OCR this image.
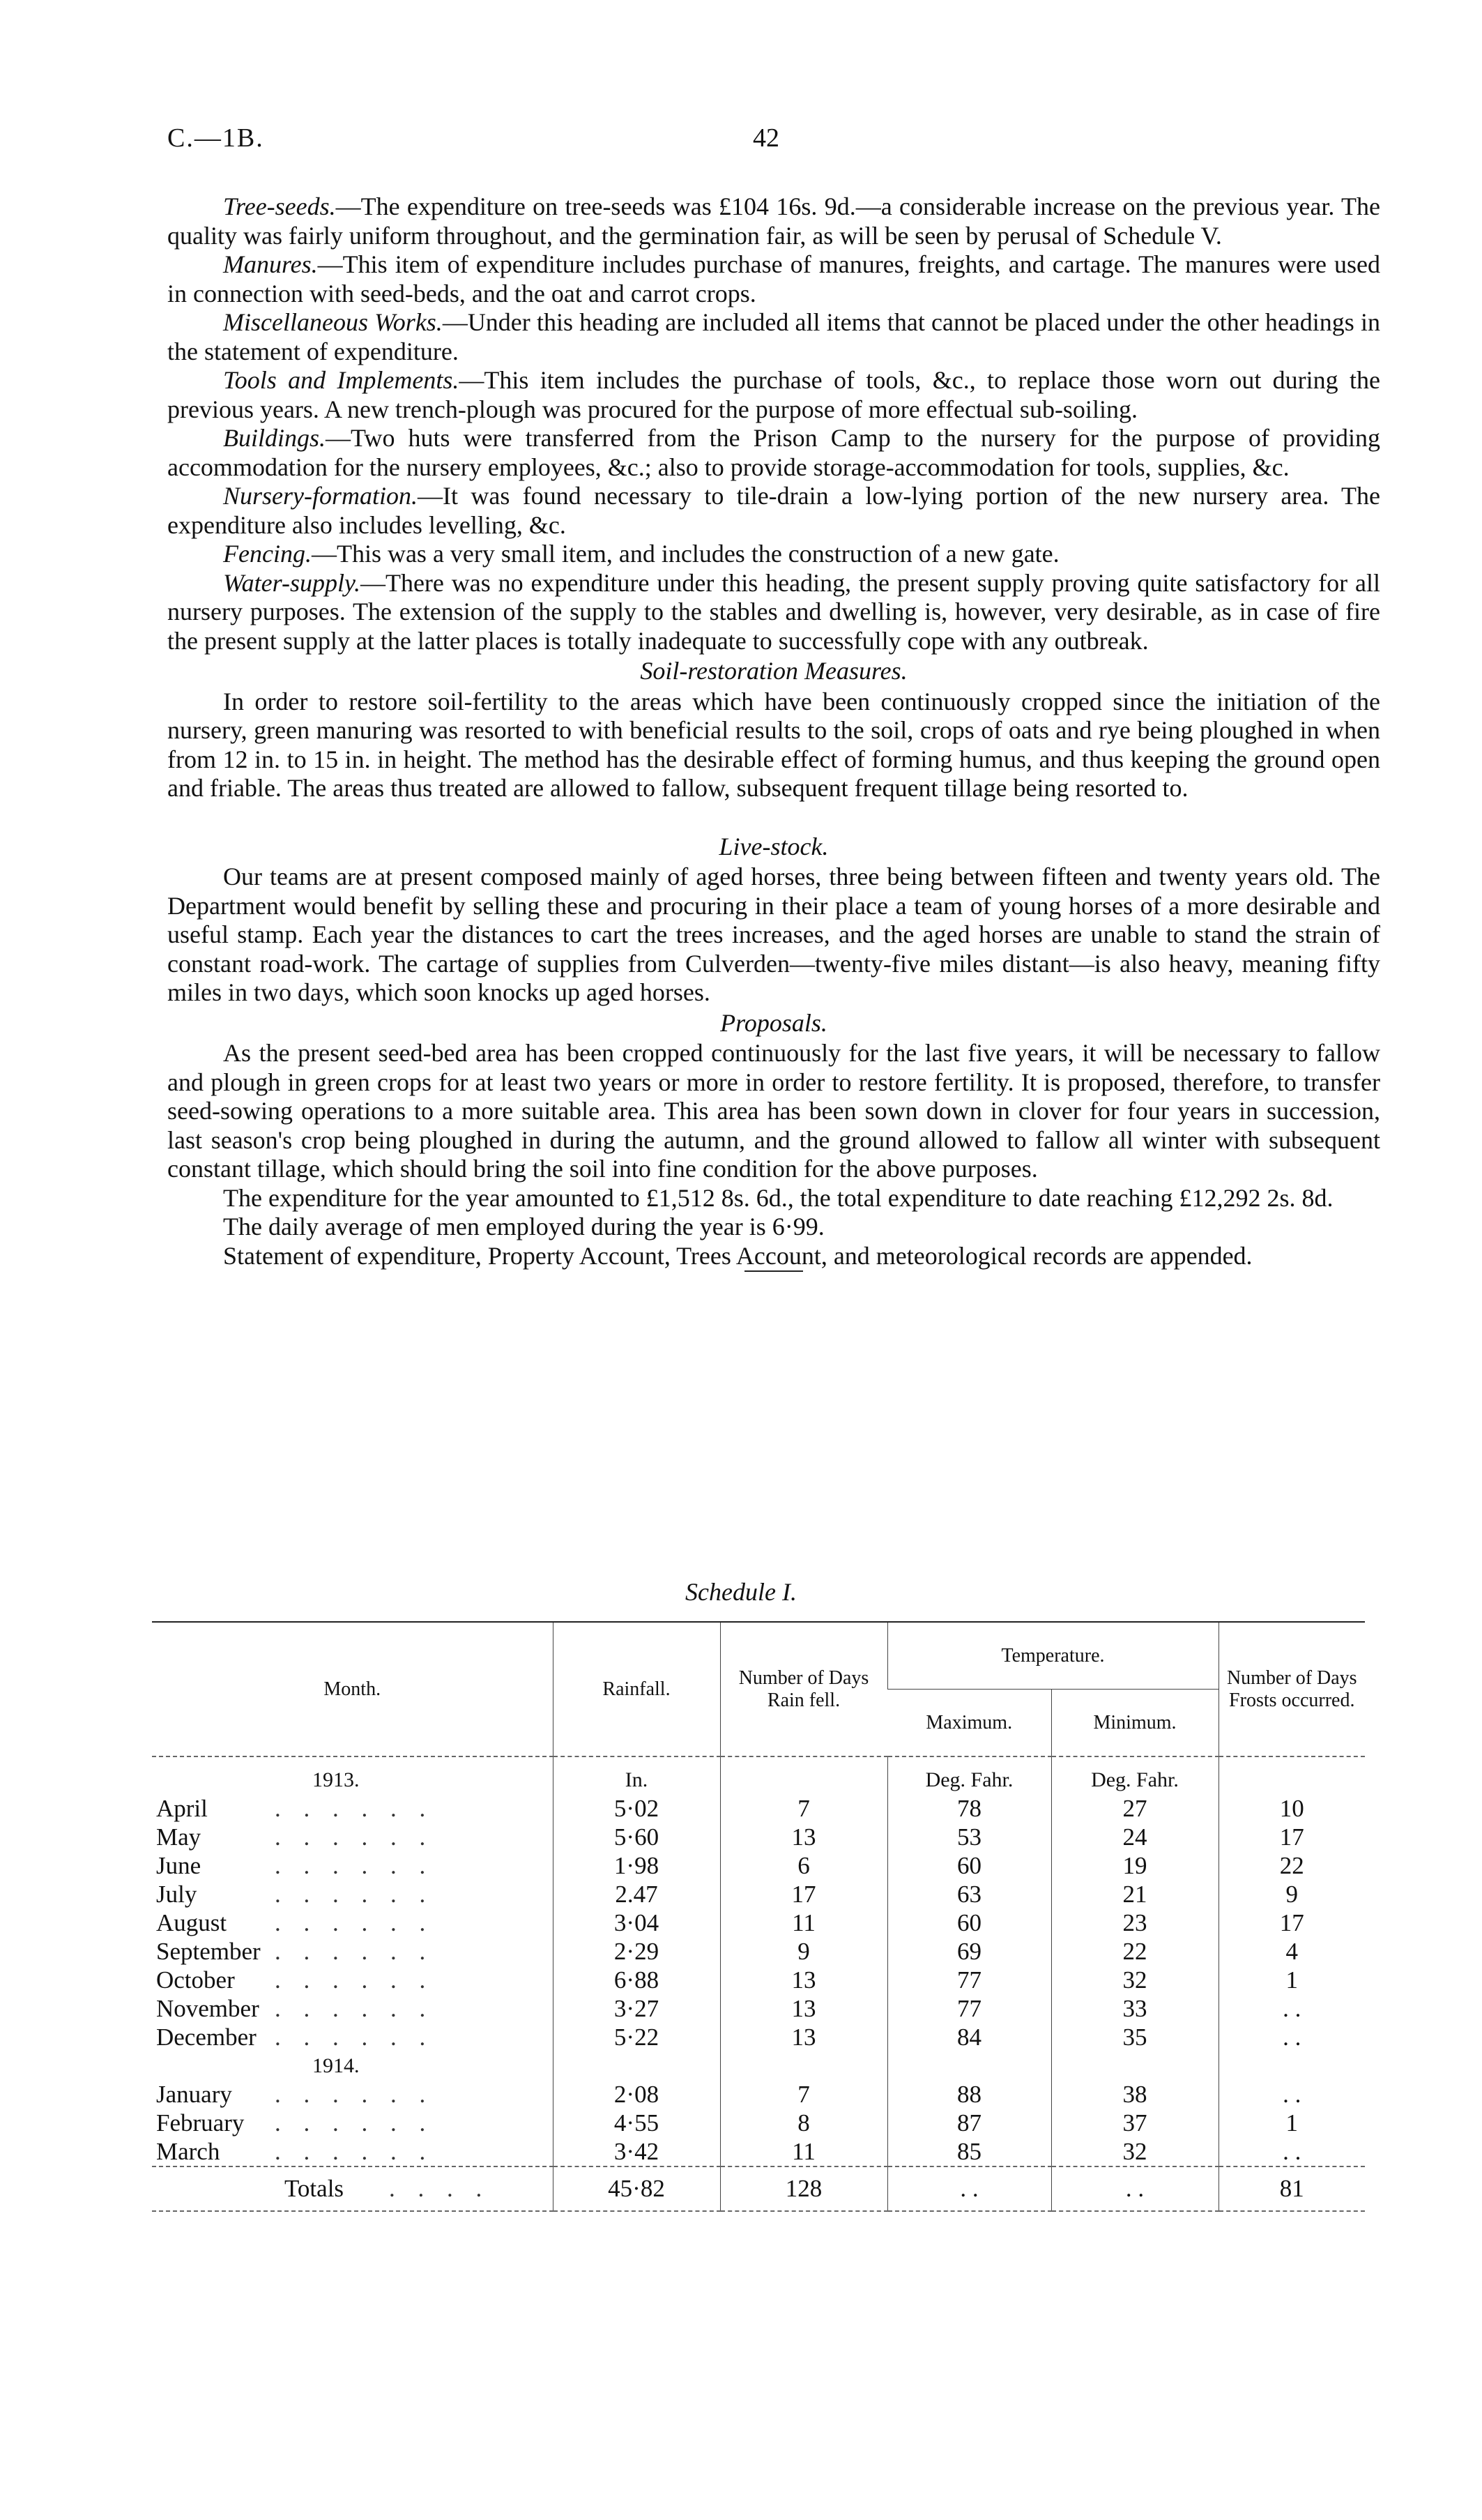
C.—1B.	42

Tree-seeds.—The expenditure on tree-seeds was £104 16s. 9d.—a considerable increase on the previous year. The quality was fairly uniform throughout, and the germination fair, as will be seen by perusal of Schedule V.

Manures.—This item of expenditure includes purchase of manures, freights, and cartage. The manures were used in connection with seed-beds, and the oat and carrot crops.

Miscellaneous Works.—Under this heading are included all items that cannot be placed under the other headings in the statement of expenditure.

Tools and Implements.—This item includes the purchase of tools, &c., to replace those worn out during the previous years. A new trench-plough was procured for the purpose of more effectual sub-soiling.

Buildings.—Two huts were transferred from the Prison Camp to the nursery for the purpose of providing accommodation for the nursery employees, &c.; also to provide storage-accommodation for tools, supplies, &c.

Nursery-formation.—It was found necessary to tile-drain a low-lying portion of the new nursery area. The expenditure also includes levelling, &c.

Fencing.—This was a very small item, and includes the construction of a new gate.

Water-supply.—There was no expenditure under this heading, the present supply proving quite satisfactory for all nursery purposes. The extension of the supply to the stables and dwelling is, however, very desirable, as in case of fire the present supply at the latter places is totally inadequate to successfully cope with any outbreak.

Soil-restoration Measures.

In order to restore soil-fertility to the areas which have been continuously cropped since the initiation of the nursery, green manuring was resorted to with beneficial results to the soil, crops of oats and rye being ploughed in when from 12 in. to 15 in. in height. The method has the desirable effect of forming humus, and thus keeping the ground open and friable. The areas thus treated are allowed to fallow, subsequent frequent tillage being resorted to.

Live-stock.

Our teams are at present composed mainly of aged horses, three being between fifteen and twenty years old. The Department would benefit by selling these and procuring in their place a team of young horses of a more desirable and useful stamp. Each year the distances to cart the trees increases, and the aged horses are unable to stand the strain of constant road-work. The cartage of supplies from Culverden—twenty-five miles distant—is also heavy, meaning fifty miles in two days, which soon knocks up aged horses.

Proposals.

As the present seed-bed area has been cropped continuously for the last five years, it will be necessary to fallow and plough in green crops for at least two years or more in order to restore fertility. It is proposed, therefore, to transfer seed-sowing operations to a more suitable area. This area has been sown down in clover for four years in succession, last season's crop being ploughed in during the autumn, and the ground allowed to fallow all winter with subsequent constant tillage, which should bring the soil into fine condition for the above purposes.

The expenditure for the year amounted to £1,512 8s. 6d., the total expenditure to date reaching £12,292 2s. 8d.

The daily average of men employed during the year is 6·99.

Statement of expenditure, Property Account, Trees Account, and meteorological records are appended.

Schedule I.
Month.	Rainfall.	Number of Days Rain fell.	Temperature.		Number of Days Frosts occurred.
			Maximum.	Minimum.	
1913.	In.		Deg. Fahr.	Deg. Fahr.	
April . . . . . .	5·02	7	78	27	10
May . . . . . .	5·60	13	53	24	17
June . . . . . .	1·98	6	60	19	22
July . . . . . .	2.47	17	63	21	9
August . . . . . .	3·04	11	60	23	17
September . . . . . .	2·29	9	69	22	4
October . . . . . .	6·88	13	77	32	1
November . . . . . .	3·27	13	77	33	. .
December . . . . . .	5·22	13	84	35	. .
1914.					
January . . . . . .	2·08	7	88	38	. .
February . . . . . .	4·55	8	87	37	1
March . . . . . .	3·42	11	85	32	. .
Totals . . . .	45·82	128	. .	. .	81
